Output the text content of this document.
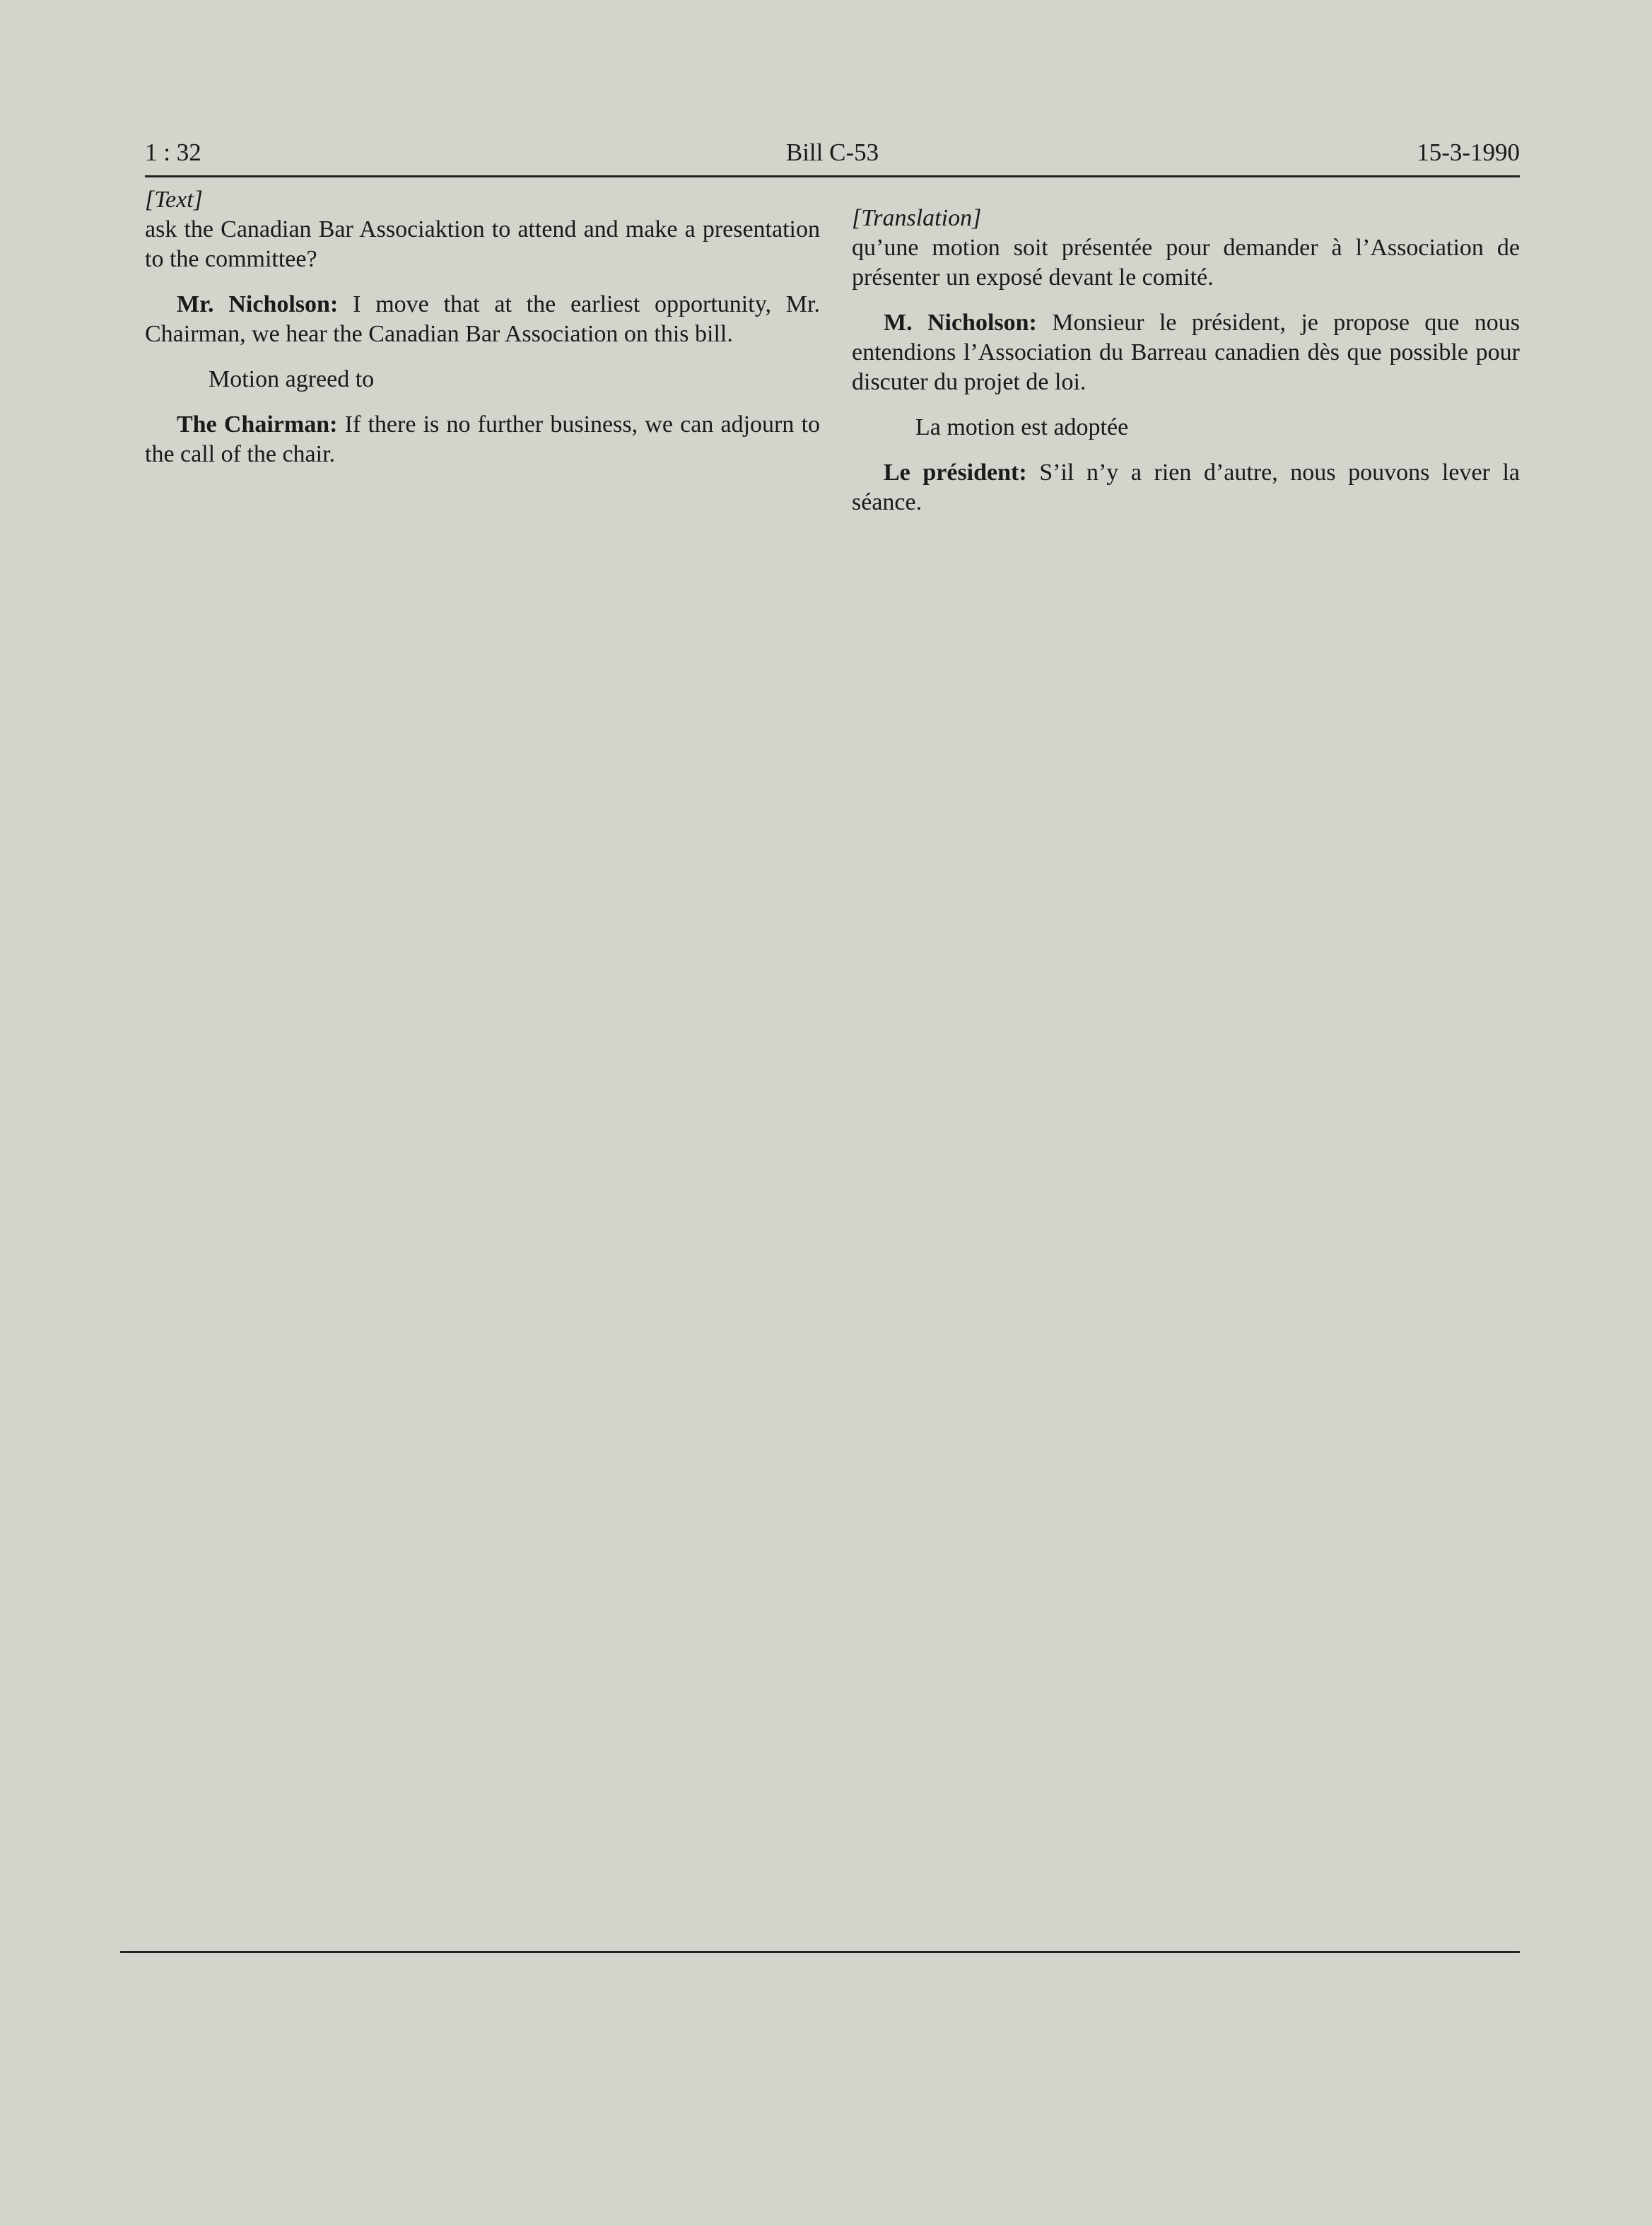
1 : 32	Bill C-53	15-3-1990

[Text]

ask the Canadian Bar Associaktion to attend and make a presentation to the committee?

Mr. Nicholson: I move that at the earliest opportunity, Mr. Chairman, we hear the Canadian Bar Association on this bill.

Motion agreed to

The Chairman: If there is no further business, we can adjourn to the call of the chair.

[Translation]

qu’une motion soit présentée pour demander à l’Association de présenter un exposé devant le comité.

M. Nicholson: Monsieur le président, je propose que nous entendions l’Association du Barreau canadien dès que possible pour discuter du projet de loi.

La motion est adoptée

Le président: S’il n’y a rien d’autre, nous pouvons lever la séance.
